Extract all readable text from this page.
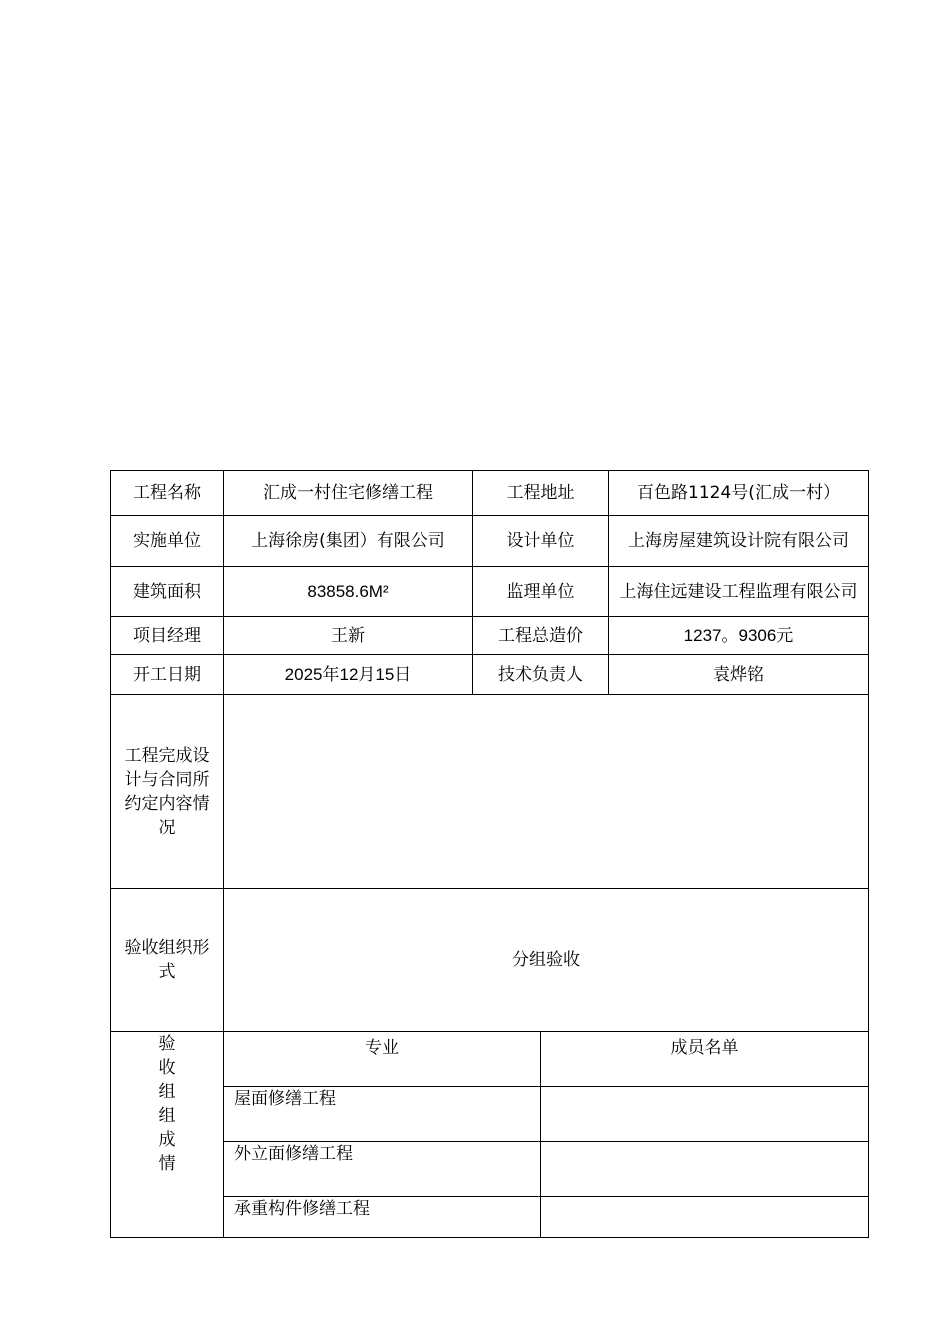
工程名称	汇成一村住宅修缮工程	工程地址	百色路1124号(汇成一村）
实施单位	上海徐房(集团）有限公司	设计单位	上海房屋建筑设计院有限公司
建筑面积	83858.6M²	监理单位	上海住远建设工程监理有限公司
项目经理	王新	工程总造价	1237。9306元
开工日期	2025年12月15日	技术负责人	袁烨铭
工程完成设计与合同所约定内容情况	
验收组织形式	分组验收

验
收
组
组
成
情

专业	成员名单
屋面修缮工程	
外立面修缮工程	
承重构件修缮工程	
